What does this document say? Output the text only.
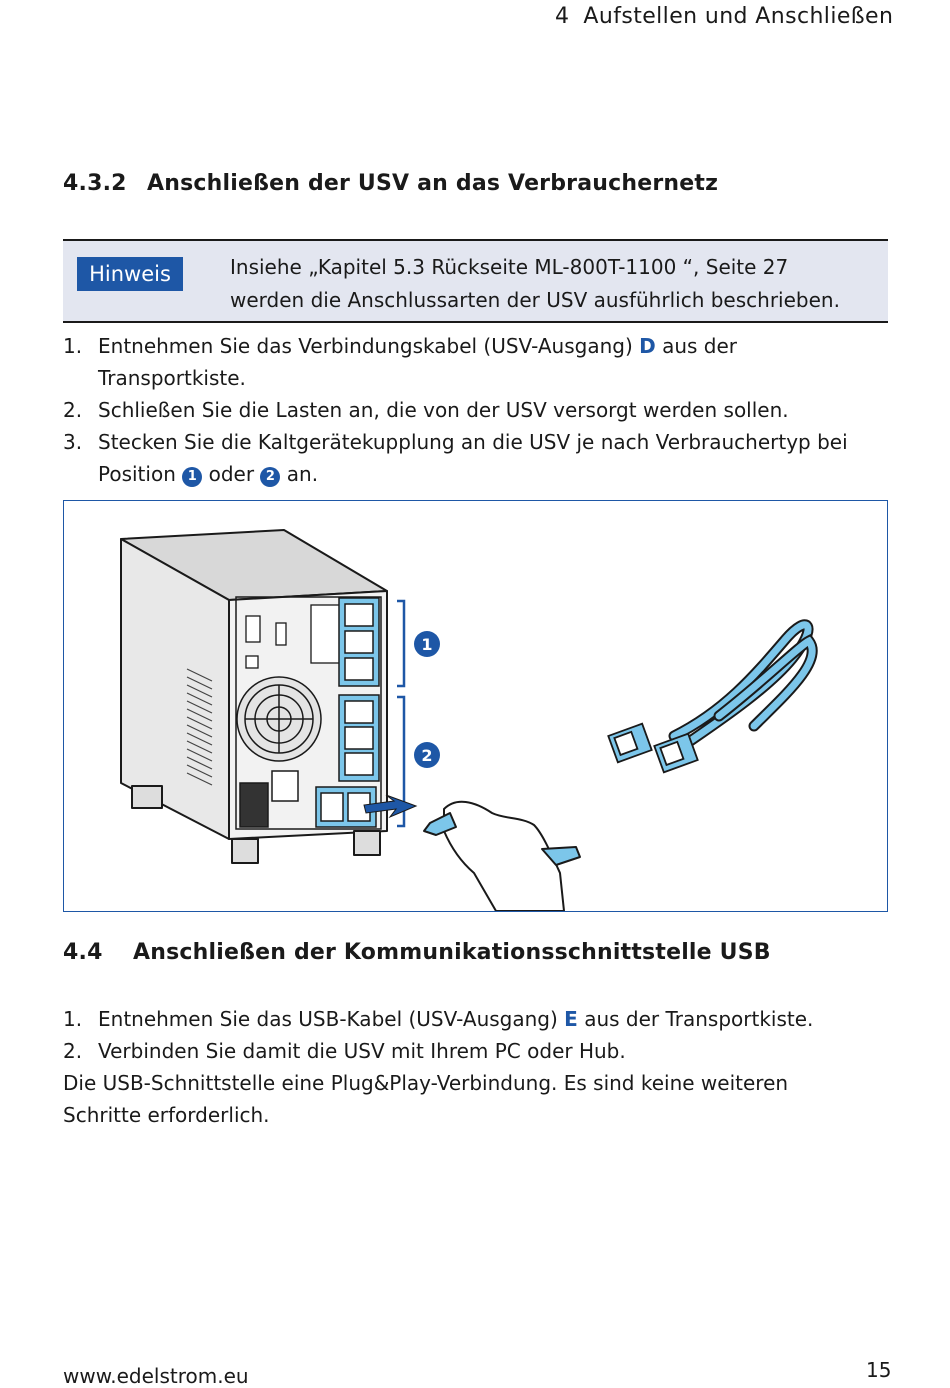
4 Aufstellen und Anschließen
4.3.2 Anschließen der USV an das Verbrauchernetz
Hinweis	Insiehe „Kapitel 5.3 Rückseite ML-800T-1100 “, Seite 27
werden die Anschlussarten der USV ausführlich beschrieben.
1. Entnehmen Sie das Verbindungskabel (USV-Ausgang) D aus der
Transportkiste.
2. Schließen Sie die Lasten an, die von der USV versorgt werden sollen.
3. Stecken Sie die Kaltgerätekupplung an die USV je nach Verbrauchertyp bei
Position 1 oder 2 an.
1
2
4.4 Anschließen der Kommunikationsschnittstelle USB
1. Entnehmen Sie das USB-Kabel (USV-Ausgang) E aus der Transportkiste.
2. Verbinden Sie damit die USV mit Ihrem PC oder Hub.
Die USB-Schnittstelle eine Plug&Play-Verbindung. Es sind keine weiteren
Schritte erforderlich.
www.edelstrom.eu	15
